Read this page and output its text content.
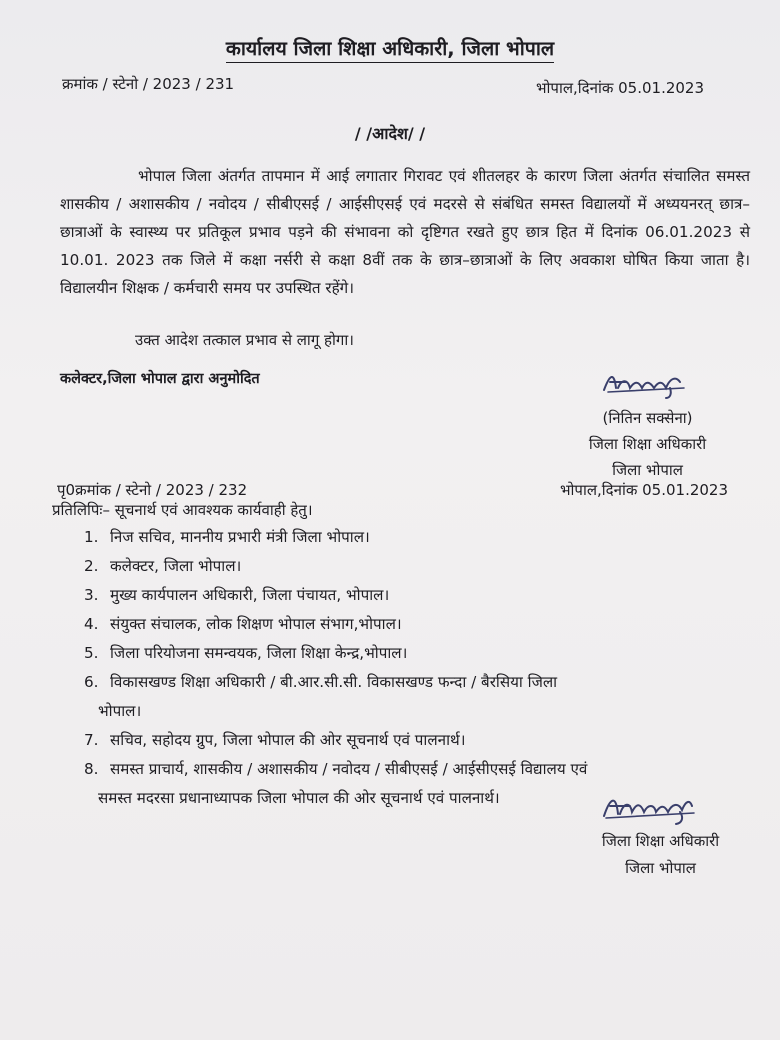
कार्यालय जिला शिक्षा अधिकारी, जिला भोपाल
क्रमांक / स्टेनो / 2023 / 231	भोपाल,दिनांक 05.01.2023
/ /आदेश/ /
भोपाल जिला अंतर्गत तापमान में आई लगातार गिरावट एवं शीतलहर के कारण जिला अंतर्गत संचालित समस्त शासकीय / अशासकीय / नवोदय / सीबीएसई / आईसीएसई एवं मदरसे से संबंधित समस्त विद्यालयों में अध्ययनरत् छात्र–छात्राओं के स्वास्थ्य पर प्रतिकूल प्रभाव पड़ने की संभावना को दृष्टिगत रखते हुए छात्र हित में दिनांक 06.01.2023 से 10.01. 2023 तक जिले में कक्षा नर्सरी से कक्षा 8वीं तक के छात्र–छात्राओं के लिए अवकाश घोषित किया जाता है। विद्यालयीन शिक्षक / कर्मचारी समय पर उपस्थित रहेंगे।
उक्त आदेश तत्काल प्रभाव से लागू होगा।
कलेक्टर,जिला भोपाल द्वारा अनुमोदित
(नितिन सक्सेना)
जिला शिक्षा अधिकारी
जिला भोपाल
पृ0क्रमांक / स्टेनो / 2023 / 232	भोपाल,दिनांक 05.01.2023
प्रतिलिपिः– सूचनार्थ एवं आवश्यक कार्यवाही हेतु।
1. निज सचिव, माननीय प्रभारी मंत्री जिला भोपाल।
2. कलेक्टर, जिला भोपाल।
3. मुख्य कार्यपालन अधिकारी, जिला पंचायत, भोपाल।
4. संयुक्त संचालक, लोक शिक्षण भोपाल संभाग,भोपाल।
5. जिला परियोजना समन्वयक, जिला शिक्षा केन्द्र,भोपाल।
6. विकासखण्ड शिक्षा अधिकारी / बी.आर.सी.सी. विकासखण्ड फन्दा / बैरसिया जिला
भोपाल।
7. सचिव, सहोदय ग्रुप, जिला भोपाल की ओर सूचनार्थ एवं पालनार्थ।
8. समस्त प्राचार्य, शासकीय / अशासकीय / नवोदय / सीबीएसई / आईसीएसई विद्यालय एवं
समस्त मदरसा प्रधानाध्यापक जिला भोपाल की ओर सूचनार्थ एवं पालनार्थ।
जिला शिक्षा अधिकारी
जिला भोपाल
